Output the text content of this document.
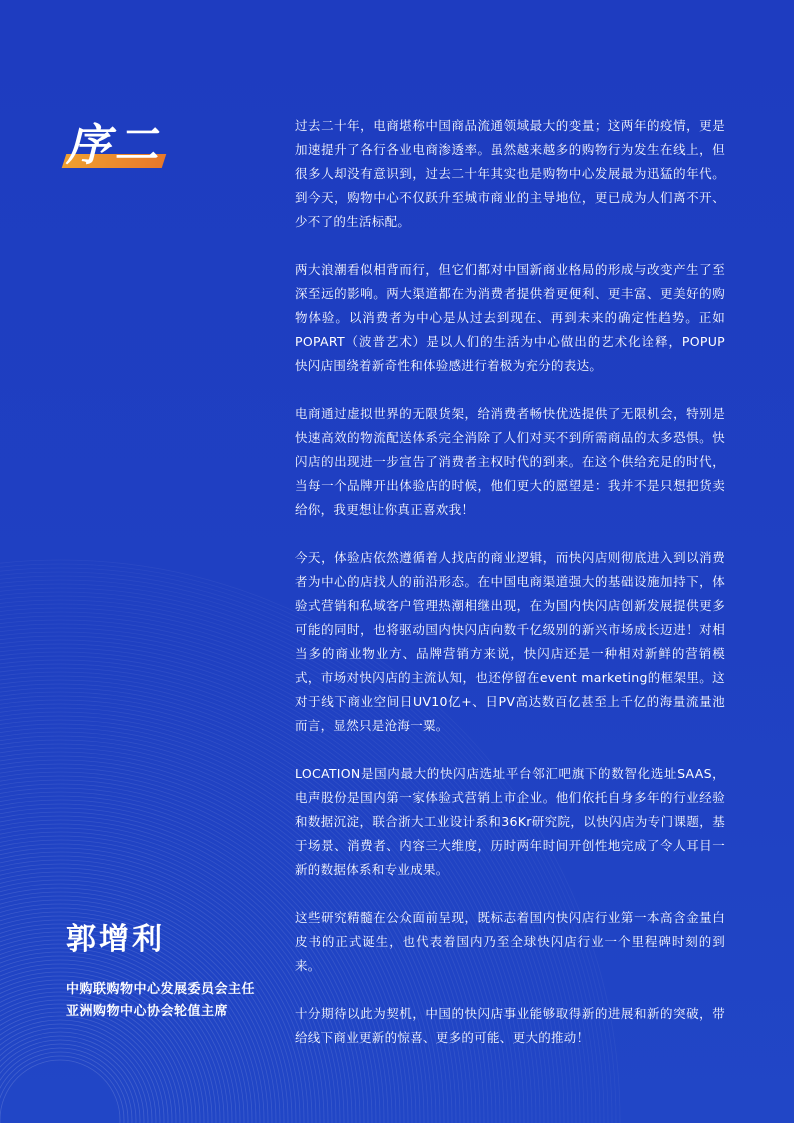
序二
郭增利
中购联购物中心发展委员会主任
亚洲购物中心协会轮值主席

过去二十年，电商堪称中国商品流通领域最大的变量；这两年的疫情，更是加速提升了各行各业电商渗透率。虽然越来越多的购物行为发生在线上，但很多人却没有意识到，过去二十年其实也是购物中心发展最为迅猛的年代。到今天，购物中心不仅跃升至城市商业的主导地位，更已成为人们离不开、少不了的生活标配。

两大浪潮看似相背而行，但它们都对中国新商业格局的形成与改变产生了至深至远的影响。两大渠道都在为消费者提供着更便利、更丰富、更美好的购物体验。以消费者为中心是从过去到现在、再到未来的确定性趋势。正如POPART（波普艺术）是以人们的生活为中心做出的艺术化诠释，POPUP 快闪店围绕着新奇性和体验感进行着极为充分的表达。

电商通过虚拟世界的无限货架，给消费者畅快优选提供了无限机会，特别是快速高效的物流配送体系完全消除了人们对买不到所需商品的太多恐惧。快闪店的出现进一步宣告了消费者主权时代的到来。在这个供给充足的时代，当每一个品牌开出体验店的时候，他们更大的愿望是：我并不是只想把货卖给你，我更想让你真正喜欢我！

今天，体验店依然遵循着人找店的商业逻辑，而快闪店则彻底进入到以消费者为中心的店找人的前沿形态。在中国电商渠道强大的基础设施加持下，体验式营销和私域客户管理热潮相继出现，在为国内快闪店创新发展提供更多可能的同时，也将驱动国内快闪店向数千亿级别的新兴市场成长迈进！对相当多的商业物业方、品牌营销方来说，快闪店还是一种相对新鲜的营销模式，市场对快闪店的主流认知，也还停留在event marketing的框架里。这对于线下商业空间日UV10亿+、日PV高达数百亿甚至上千亿的海量流量池而言，显然只是沧海一粟。

LOCATION是国内最大的快闪店选址平台邻汇吧旗下的数智化选址SAAS，电声股份是国内第一家体验式营销上市企业。他们依托自身多年的行业经验和数据沉淀，联合浙大工业设计系和36Kr研究院，以快闪店为专门课题，基于场景、消费者、内容三大维度，历时两年时间开创性地完成了令人耳目一新的数据体系和专业成果。

这些研究精髓在公众面前呈现，既标志着国内快闪店行业第一本高含金量白皮书的正式诞生，也代表着国内乃至全球快闪店行业一个里程碑时刻的到来。

十分期待以此为契机，中国的快闪店事业能够取得新的进展和新的突破，带给线下商业更新的惊喜、更多的可能、更大的推动！
